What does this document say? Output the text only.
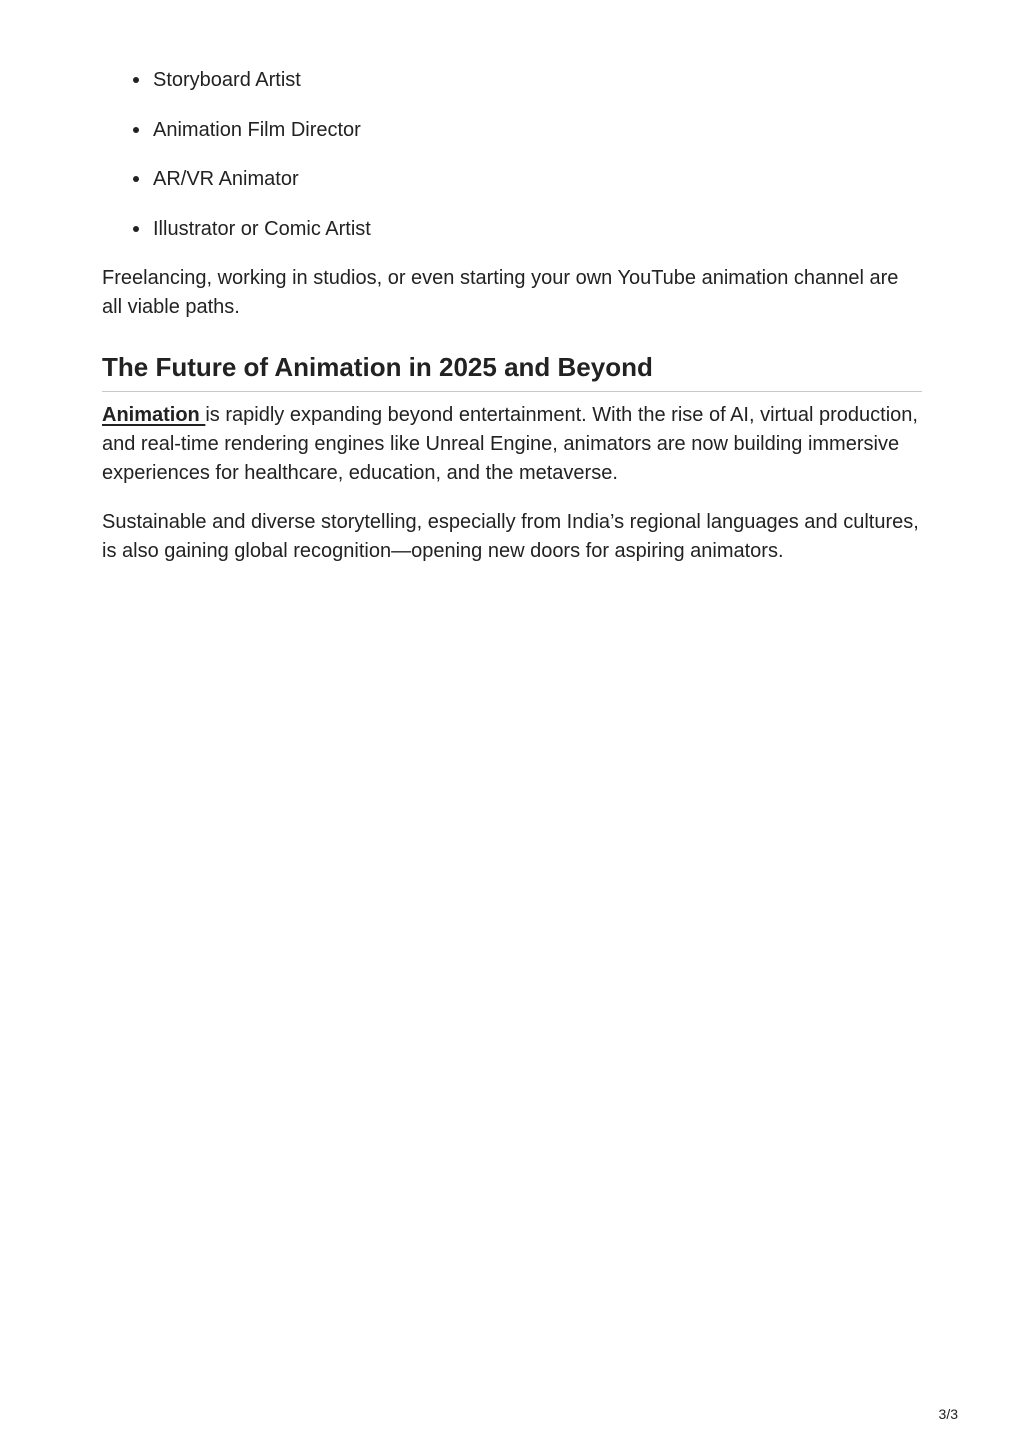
Storyboard Artist
Animation Film Director
AR/VR Animator
Illustrator or Comic Artist

Freelancing, working in studios, or even starting your own YouTube animation channel are all viable paths.

The Future of Animation in 2025 and Beyond

Animation is rapidly expanding beyond entertainment. With the rise of AI, virtual production, and real-time rendering engines like Unreal Engine, animators are now building immersive experiences for healthcare, education, and the metaverse.

Sustainable and diverse storytelling, especially from India’s regional languages and cultures, is also gaining global recognition—opening new doors for aspiring animators.

3/3
